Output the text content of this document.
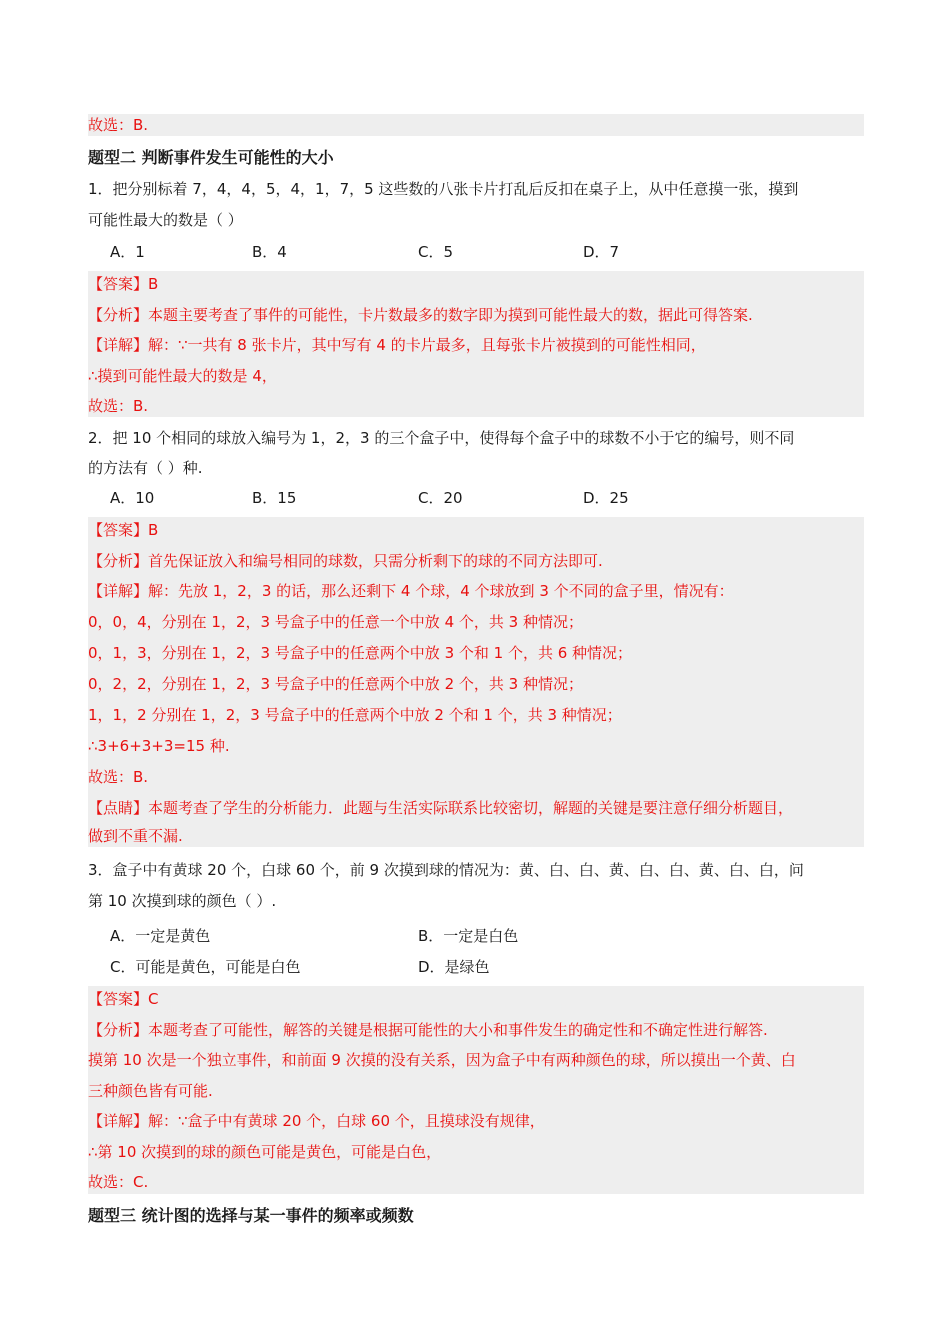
故选：B.
题型二 判断事件发生可能性的大小
1．把分别标着 7，4，4，5，4，1，7，5 这些数的八张卡片打乱后反扣在桌子上，从中任意摸一张，摸到
可能性最大的数是（ ）
A．1	B．4	C．5	D．7
【答案】B
【分析】本题主要考查了事件的可能性，卡片数最多的数字即为摸到可能性最大的数，据此可得答案.
【详解】解：∵一共有 8 张卡片，其中写有 4 的卡片最多，且每张卡片被摸到的可能性相同，
∴摸到可能性最大的数是 4，
故选：B.
2．把 10 个相同的球放入编号为 1，2，3 的三个盒子中，使得每个盒子中的球数不小于它的编号，则不同
的方法有（ ）种.
A．10	B．15	C．20	D．25
【答案】B
【分析】首先保证放入和编号相同的球数，只需分析剩下的球的不同方法即可.
【详解】解：先放 1，2，3 的话，那么还剩下 4 个球，4 个球放到 3 个不同的盒子里，情况有：
0，0，4，分别在 1，2，3 号盒子中的任意一个中放 4 个，共 3 种情况；
0，1，3，分别在 1，2，3 号盒子中的任意两个中放 3 个和 1 个，共 6 种情况；
0，2，2，分别在 1，2，3 号盒子中的任意两个中放 2 个，共 3 种情况；
1，1，2 分别在 1，2，3 号盒子中的任意两个中放 2 个和 1 个，共 3 种情况；
∴3+6+3+3=15 种.
故选：B.
【点睛】本题考查了学生的分析能力．此题与生活实际联系比较密切，解题的关键是要注意仔细分析题目，
做到不重不漏.
3．盒子中有黄球 20 个，白球 60 个，前 9 次摸到球的情况为：黄、白、白、黄、白、白、黄、白、白，问
第 10 次摸到球的颜色（ ）.
A．一定是黄色	B．一定是白色
C．可能是黄色，可能是白色	D．是绿色
【答案】C
【分析】本题考查了可能性，解答的关键是根据可能性的大小和事件发生的确定性和不确定性进行解答.
摸第 10 次是一个独立事件，和前面 9 次摸的没有关系，因为盒子中有两种颜色的球，所以摸出一个黄、白
三种颜色皆有可能.
【详解】解：∵盒子中有黄球 20 个，白球 60 个，且摸球没有规律，
∴第 10 次摸到的球的颜色可能是黄色，可能是白色，
故选：C.
题型三 统计图的选择与某一事件的频率或频数
